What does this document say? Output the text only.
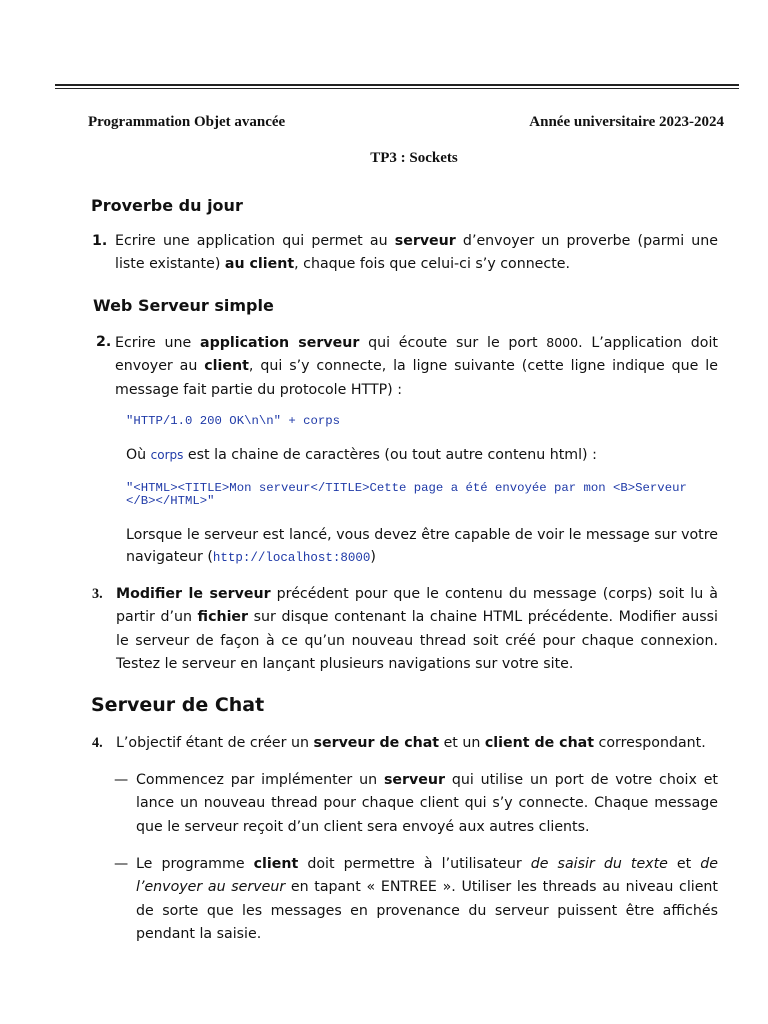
Programmation Objet avancée	Année universitaire 2023-2024
TP3 : Sockets
Proverbe du jour
1. Ecrire une application qui permet au serveur d’envoyer un proverbe (parmi une liste existante) au client, chaque fois que celui-ci s’y connecte.
Web Serveur simple
2. Ecrire une application serveur qui écoute sur le port 8000. L’application doit envoyer au client, qui s’y connecte, la ligne suivante (cette ligne indique que le message fait partie du protocole HTTP) :
"HTTP/1.0 200 OK\n\n" + corps
Où corps est la chaine de caractères (ou tout autre contenu html) :
"<HTML><TITLE>Mon serveur</TITLE>Cette page a été envoyée par mon <B>Serveur
</B></HTML>"
Lorsque le serveur est lancé, vous devez être capable de voir le message sur votre navigateur (http://localhost:8000)
3. Modifier le serveur précédent pour que le contenu du message (corps) soit lu à partir d’un fichier sur disque contenant la chaine HTML précédente. Modifier aussi le serveur de façon à ce qu’un nouveau thread soit créé pour chaque connexion. Testez le serveur en lançant plusieurs navigations sur votre site.
Serveur de Chat
4. L’objectif étant de créer un serveur de chat et un client de chat correspondant.
— Commencez par implémenter un serveur qui utilise un port de votre choix et lance un nouveau thread pour chaque client qui s’y connecte. Chaque message que le serveur reçoit d’un client sera envoyé aux autres clients.
— Le programme client doit permettre à l’utilisateur de saisir du texte et de l’envoyer au serveur en tapant « ENTREE ». Utiliser les threads au niveau client de sorte que les messages en provenance du serveur puissent être affichés pendant la saisie.
